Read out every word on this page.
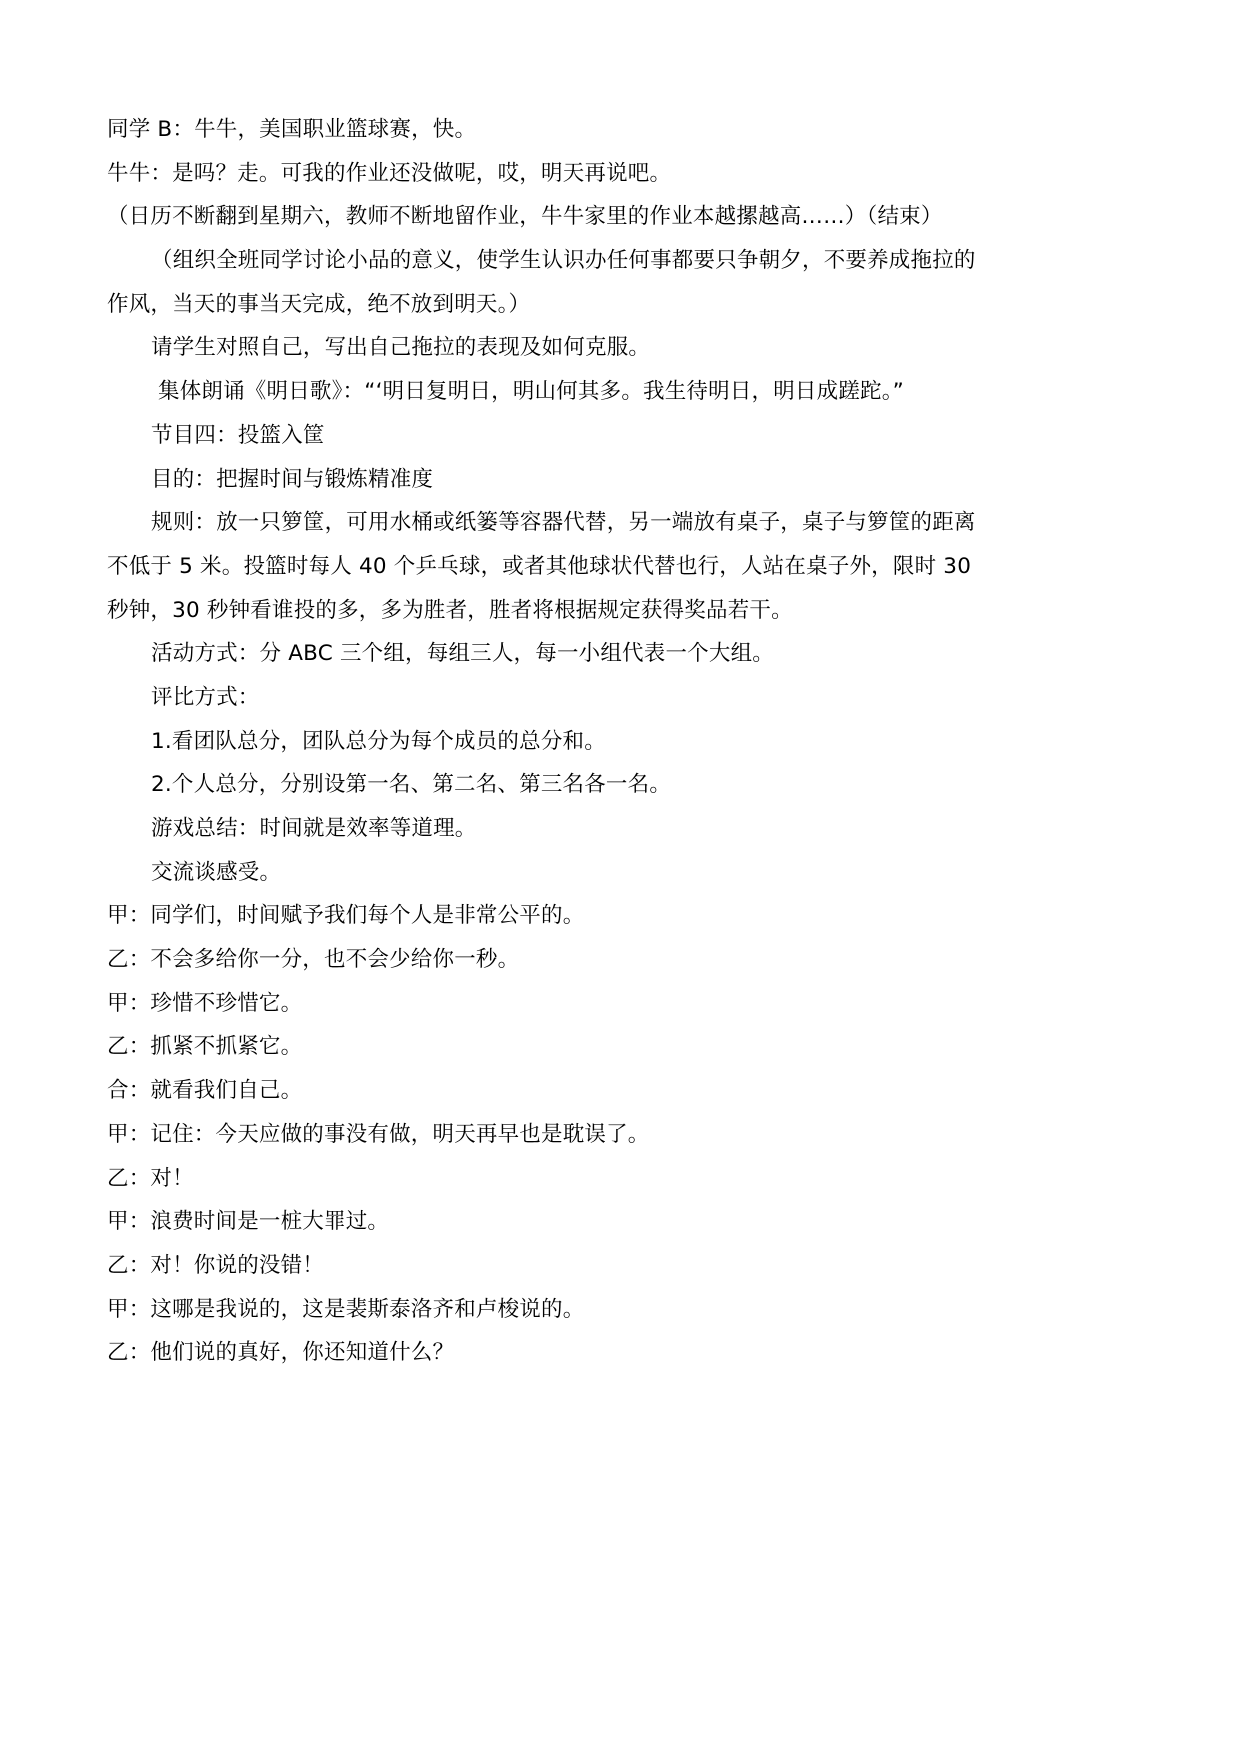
同学 B：牛牛，美国职业篮球赛，快。
牛牛：是吗？走。可我的作业还没做呢，哎，明天再说吧。
（日历不断翻到星期六，教师不断地留作业，牛牛家里的作业本越摞越高……）（结束）
（组织全班同学讨论小品的意义，使学生认识办任何事都要只争朝夕，不要养成拖拉的
作风，当天的事当天完成，绝不放到明天。）
请学生对照自己，写出自己拖拉的表现及如何克服。
集体朗诵《明日歌》：“‘明日复明日，明山何其多。我生待明日，明日成蹉跎。”
节目四：投篮入筐
目的：把握时间与锻炼精准度
规则：放一只箩筐，可用水桶或纸篓等容器代替，另一端放有桌子，桌子与箩筐的距离
不低于 5 米。投篮时每人 40 个乒乓球，或者其他球状代替也行，人站在桌子外，限时 30
秒钟，30 秒钟看谁投的多，多为胜者，胜者将根据规定获得奖品若干。
活动方式：分 ABC 三个组，每组三人，每一小组代表一个大组。
评比方式：
1.看团队总分，团队总分为每个成员的总分和。
2.个人总分，分别设第一名、第二名、第三名各一名。
游戏总结：时间就是效率等道理。
交流谈感受。
甲：同学们，时间赋予我们每个人是非常公平的。
乙：不会多给你一分，也不会少给你一秒。
甲：珍惜不珍惜它。
乙：抓紧不抓紧它。
合：就看我们自己。
甲：记住：今天应做的事没有做，明天再早也是耽误了。
乙：对！
甲：浪费时间是一桩大罪过。
乙：对！你说的没错！
甲：这哪是我说的，这是裴斯泰洛齐和卢梭说的。
乙：他们说的真好，你还知道什么？
